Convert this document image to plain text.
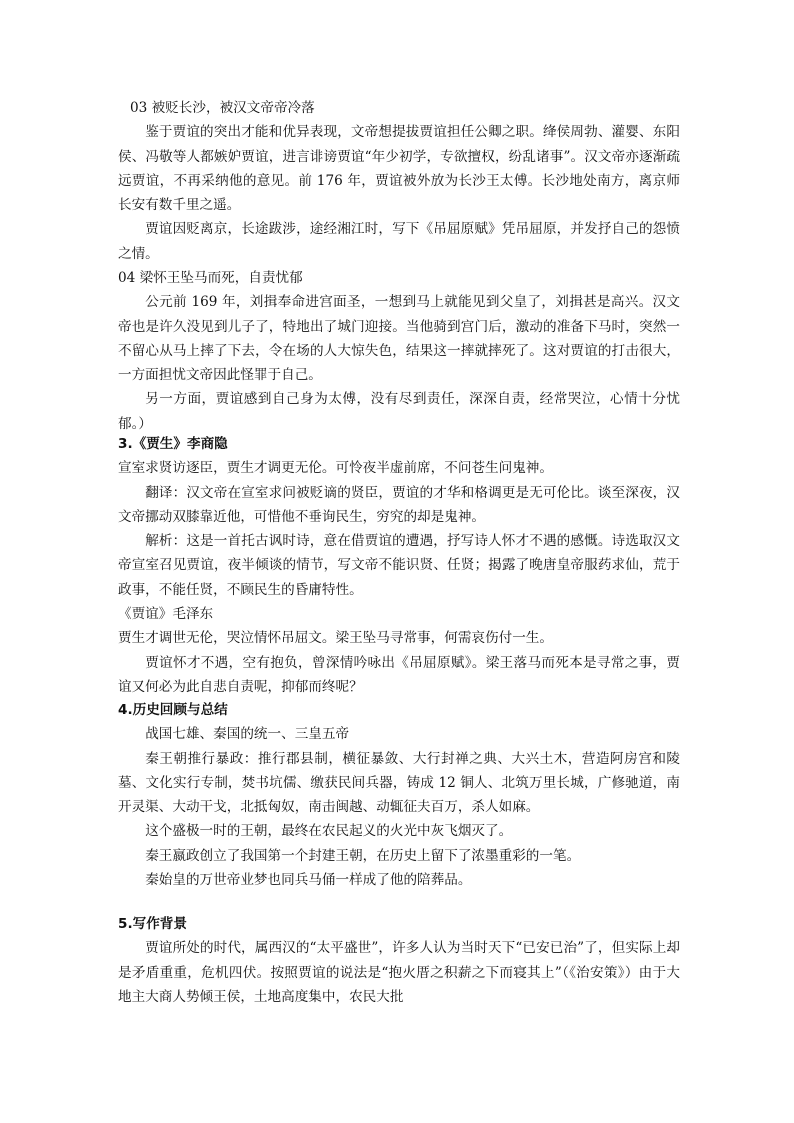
03 被贬长沙，被汉文帝帝冷落

鉴于贾谊的突出才能和优异表现，文帝想提拔贾谊担任公卿之职。绛侯周勃、灌婴、东阳侯、冯敬等人都嫉妒贾谊，进言诽谤贾谊“年少初学，专欲擅权，纷乱诸事”。汉文帝亦逐渐疏远贾谊，不再采纳他的意见。前 176 年，贾谊被外放为长沙王太傅。长沙地处南方，离京师长安有数千里之遥。

贾谊因贬离京，长途跋涉，途经湘江时，写下《吊屈原赋》凭吊屈原，并发抒自己的怨愤之情。

04 梁怀王坠马而死，自责忧郁

公元前 169 年，刘揖奉命进宫面圣，一想到马上就能见到父皇了，刘揖甚是高兴。汉文帝也是许久没见到儿子了，特地出了城门迎接。当他骑到宫门后，激动的准备下马时，突然一不留心从马上摔了下去，令在场的人大惊失色，结果这一摔就摔死了。这对贾谊的打击很大，一方面担忧文帝因此怪罪于自己。

另一方面，贾谊感到自己身为太傅，没有尽到责任，深深自责，经常哭泣，心情十分忧郁。）

3.《贾生》李商隐

宣室求贤访逐臣，贾生才调更无伦。可怜夜半虚前席，不问苍生问鬼神。

翻译：汉文帝在宣室求问被贬谪的贤臣，贾谊的才华和格调更是无可伦比。谈至深夜，汉文帝挪动双膝靠近他，可惜他不垂询民生，穷究的却是鬼神。

解析：这是一首托古讽时诗，意在借贾谊的遭遇，抒写诗人怀才不遇的感慨。诗选取汉文帝宣室召见贾谊，夜半倾谈的情节，写文帝不能识贤、任贤；揭露了晚唐皇帝服药求仙，荒于政事，不能任贤，不顾民生的昏庸特性。

《贾谊》毛泽东

贾生才调世无伦，哭泣情怀吊屈文。梁王坠马寻常事，何需哀伤付一生。

贾谊怀才不遇，空有抱负，曾深情吟咏出《吊屈原赋》。梁王落马而死本是寻常之事，贾谊又何必为此自悲自责呢，抑郁而终呢？

4.历史回顾与总结

战国七雄、秦国的统一、三皇五帝

秦王朝推行暴政：推行郡县制，横征暴敛、大行封禅之典、大兴土木，营造阿房宫和陵墓、文化实行专制，焚书坑儒、缴获民间兵器，铸成 12 铜人、北筑万里长城，广修驰道，南开灵渠、大动干戈，北抵匈奴，南击闽越、动辄征夫百万，杀人如麻。

这个盛极一时的王朝，最终在农民起义的火光中灰飞烟灭了。

秦王嬴政创立了我国第一个封建王朝，在历史上留下了浓墨重彩的一笔。

秦始皇的万世帝业梦也同兵马俑一样成了他的陪葬品。

5.写作背景

贾谊所处的时代，属西汉的“太平盛世”，许多人认为当时天下“已安已治”了，但实际上却是矛盾重重，危机四伏。按照贾谊的说法是“抱火厝之积薪之下而寝其上”（《治安策》）由于大地主大商人势倾王侯，土地高度集中，农民大批
